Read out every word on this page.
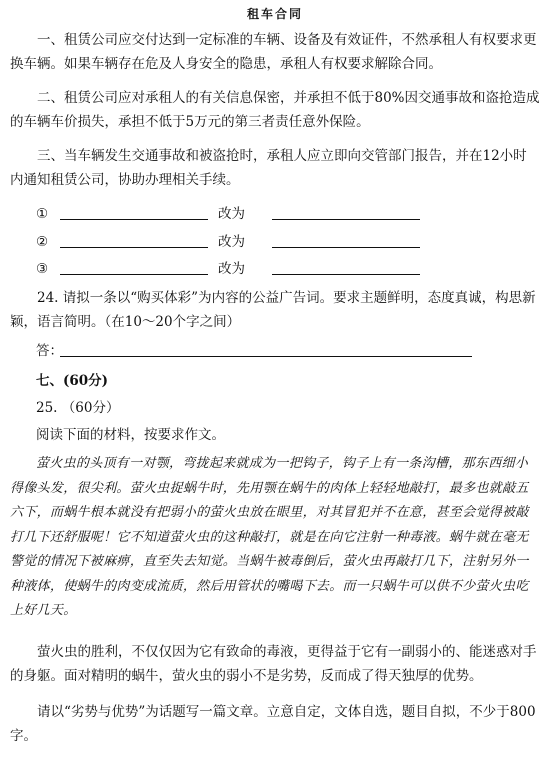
租车合同

一、租赁公司应交付达到一定标准的车辆、设备及有效证件，不然承租人有权要求更换车辆。如果车辆存在危及人身安全的隐患，承租人有权要求解除合同。

二、租赁公司应对承租人的有关信息保密，并承担不低于80%因交通事故和盗抢造成的车辆车价损失，承担不低于5万元的第三者责任意外保险。

三、当车辆发生交通事故和被盗抢时，承租人应立即向交管部门报告，并在12小时内通知租赁公司，协助办理相关手续。

①	改为
②	改为
③	改为

24. 请拟一条以“购买体彩”为内容的公益广告词。要求主题鲜明，态度真诚，构思新颖，语言简明。（在10～20个字之间）

答：
七、(60分)
25. （60分）
阅读下面的材料，按要求作文。

萤火虫的头顶有一对颚，弯拢起来就成为一把钩子，钩子上有一条沟槽，那东西细小得像头发，很尖利。萤火虫捉蜗牛时，先用颚在蜗牛的肉体上轻轻地敲打，最多也就敲五六下，而蜗牛根本就没有把弱小的萤火虫放在眼里，对其冒犯并不在意，甚至会觉得被敲打几下还舒服呢！它不知道萤火虫的这种敲打，就是在向它注射一种毒液。蜗牛就在毫无警觉的情况下被麻痹，直至失去知觉。当蜗牛被毒倒后，萤火虫再敲打几下，注射另外一种液体，使蜗牛的肉变成流质，然后用管状的嘴喝下去。而一只蜗牛可以供不少萤火虫吃上好几天。

萤火虫的胜利，不仅仅因为它有致命的毒液，更得益于它有一副弱小的、能迷惑对手的身躯。面对精明的蜗牛，萤火虫的弱小不是劣势，反而成了得天独厚的优势。

请以“劣势与优势”为话题写一篇文章。立意自定，文体自选，题目自拟，不少于800字。
